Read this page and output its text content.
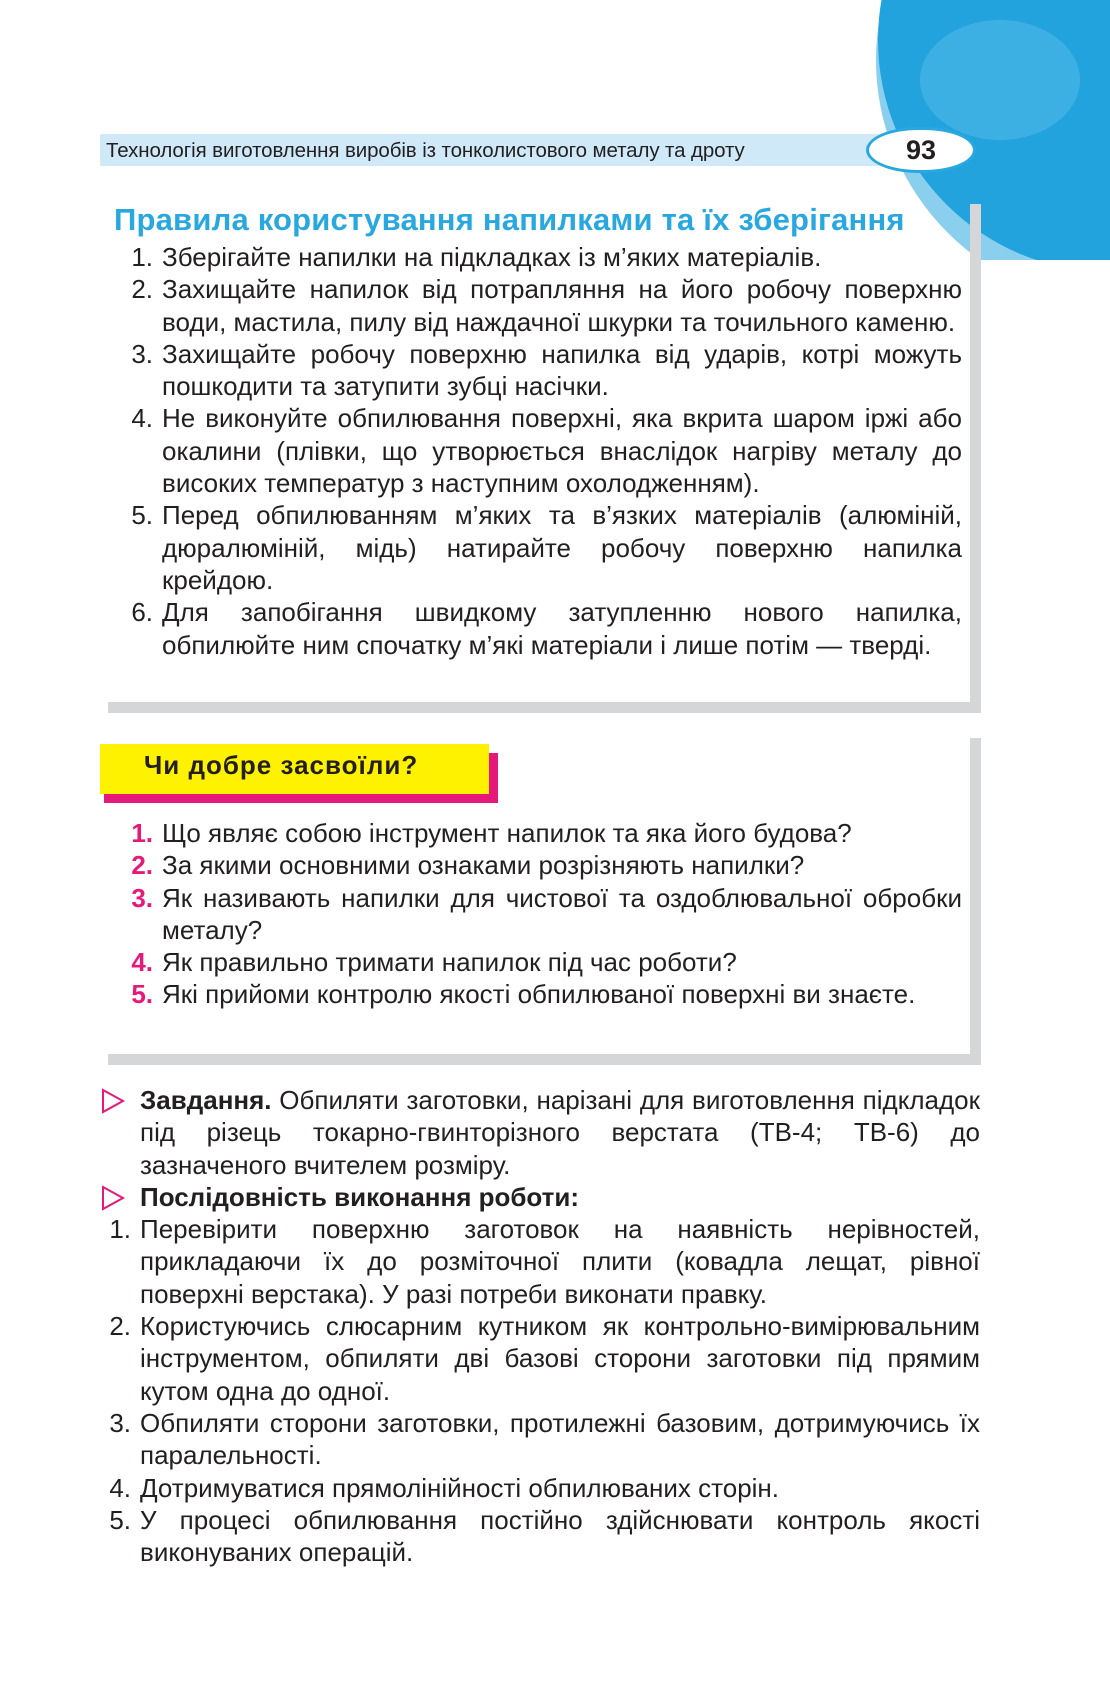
Технологія виготовлення виробів із тонколистового металу та дроту	93
Правила користування напилками та їх зберігання
1. Зберігайте напилки на підкладках із м’яких матеріалів.
2. Захищайте напилок від потрапляння на його робочу поверхню води, мастила, пилу від наждачної шкурки та точильного каменю.
3. Захищайте робочу поверхню напилка від ударів, котрі можуть пошкодити та затупити зубці насічки.
4. Не виконуйте обпилювання поверхні, яка вкрита шаром іржі або окалини (плівки, що утворюється внаслідок нагріву металу до високих температур з наступним охолодженням).
5. Перед обпилюванням м’яких та в’язких матеріалів (алюміній, дюралюміній, мідь) натирайте робочу поверхню напилка крейдою.
6. Для запобігання швидкому затупленню нового напилка, обпилюйте ним спочатку м’які матеріали і лише потім — тверді.
Чи добре засвоїли?
1. Що являє собою інструмент напилок та яка його будова?
2. За якими основними ознаками розрізняють напилки?
3. Як називають напилки для чистової та оздоблювальної обробки металу?
4. Як правильно тримати напилок під час роботи?
5. Які прийоми контролю якості обпилюваної поверхні ви знаєте.
Завдання. Обпиляти заготовки, нарізані для виготовлення підкладок під різець токарно-гвинторізного верстата (ТВ-4; ТВ-6) до зазначеного вчителем розміру.
Послідовність виконання роботи:
1. Перевірити поверхню заготовок на наявність нерівностей, прикладаючи їх до розміточної плити (ковадла лещат, рівної поверхні верстака). У разі потреби виконати правку.
2. Користуючись слюсарним кутником як контрольно-вимірювальним інструментом, обпиляти дві базові сторони заготовки під прямим кутом одна до одної.
3. Обпиляти сторони заготовки, протилежні базовим, дотримуючись їх паралельності.
4. Дотримуватися прямолінійності обпилюваних сторін.
5. У процесі обпилювання постійно здійснювати контроль якості виконуваних операцій.
